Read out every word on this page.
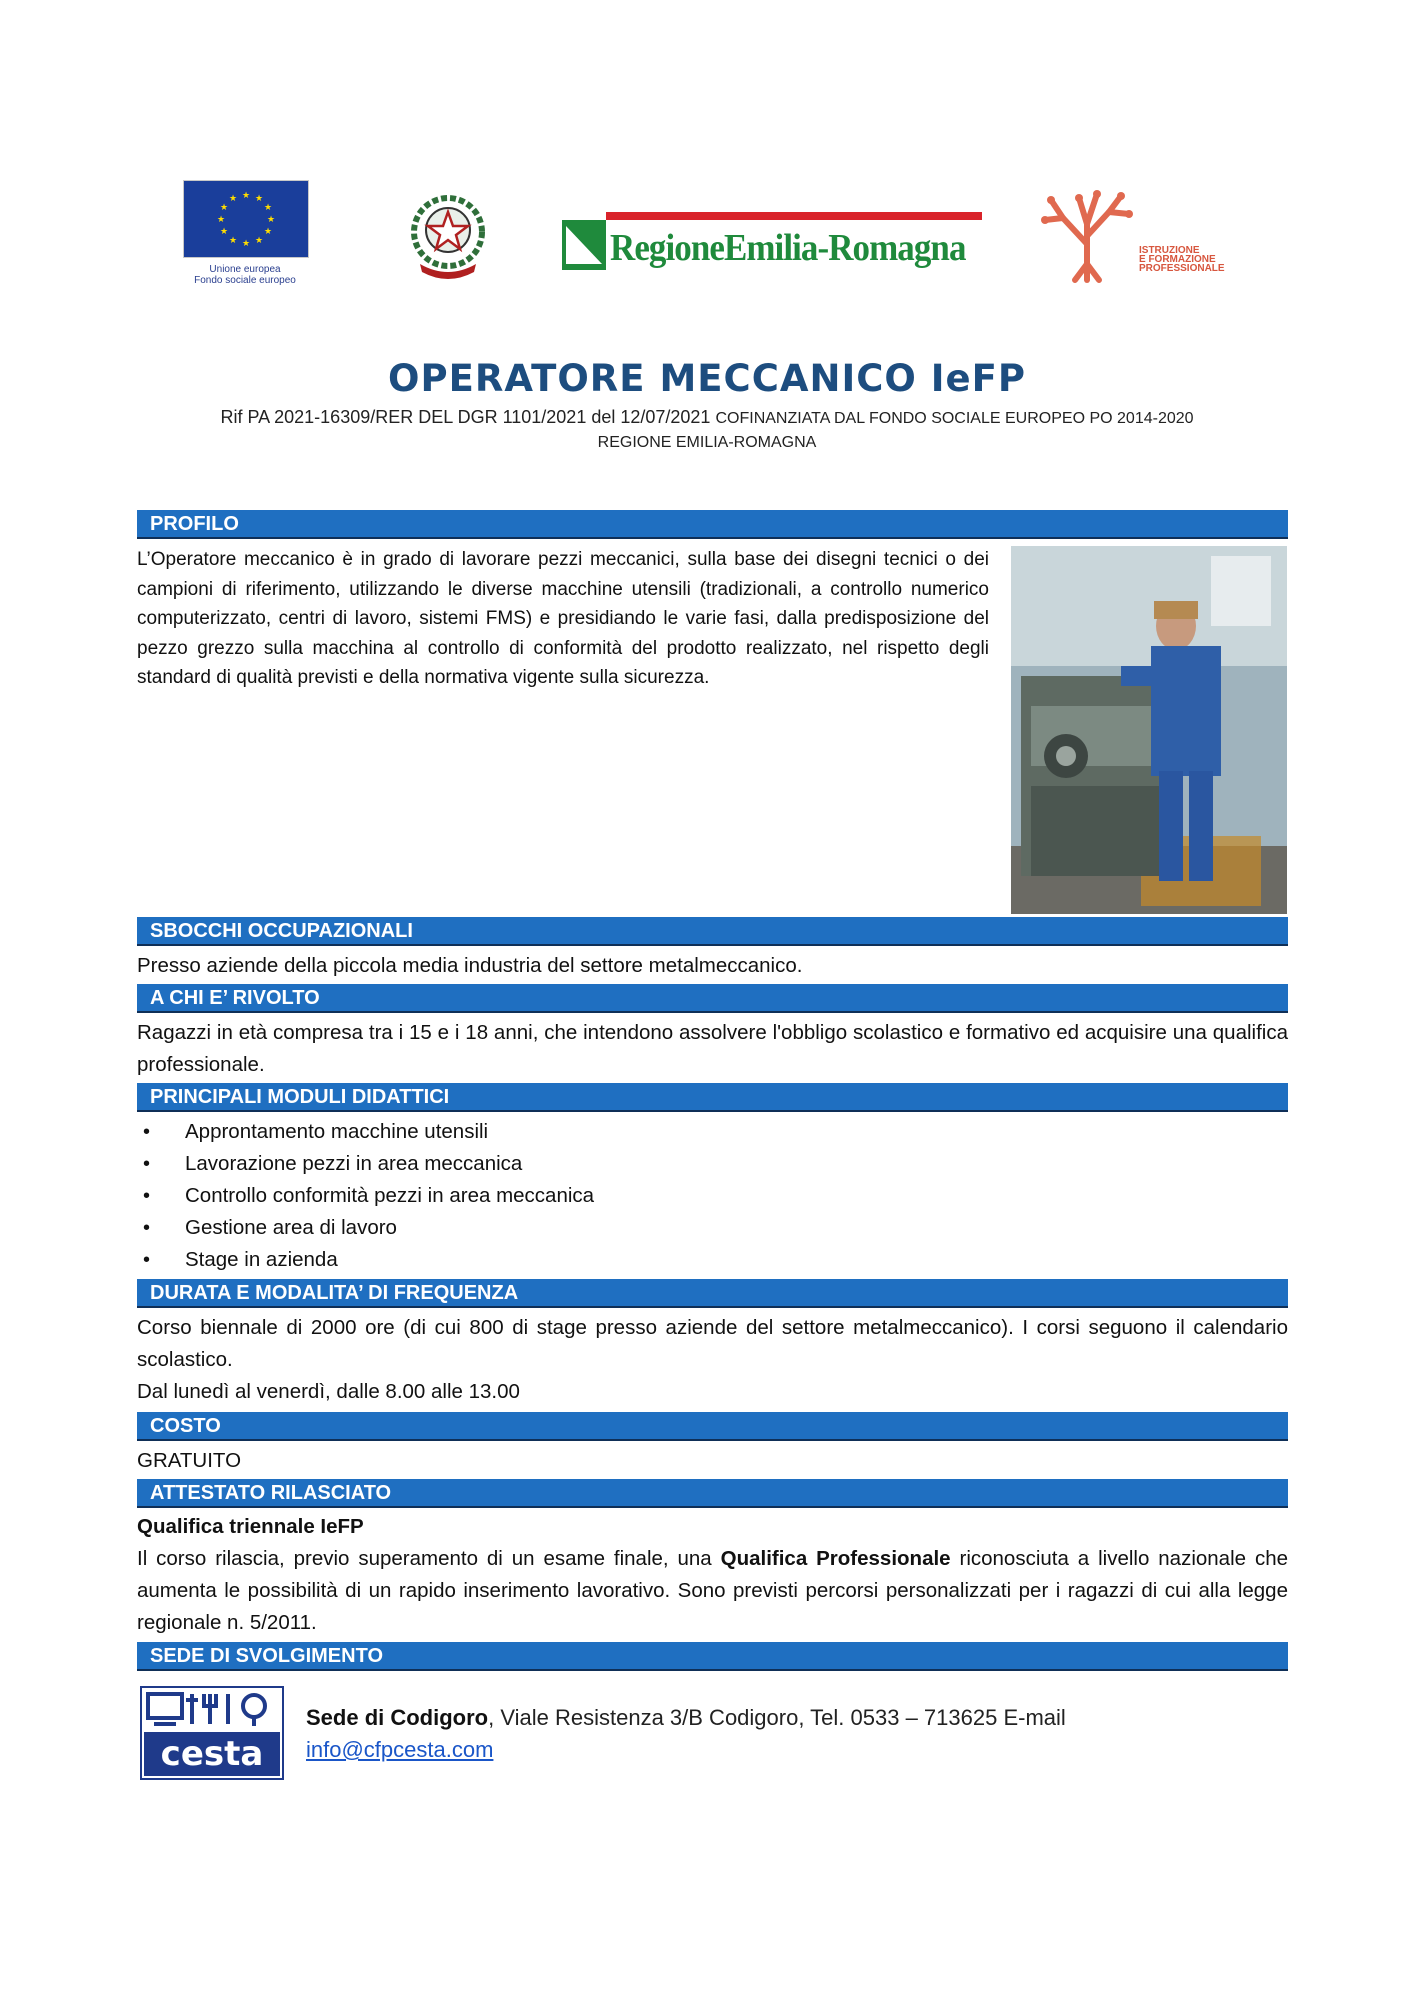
★ ★
★
★
★
★
★
★
★
★
★
★
Unione europea
Fondo sociale europeo
RegioneEmilia-Romagna	ISTRUZIONE
E FORMAZIONE
PROFESSIONALE
OPERATORE MECCANICO IeFP
Rif PA 2021-16309/RER DEL DGR 1101/2021 del 12/07/2021 COFINANZIATA DAL FONDO SOCIALE EUROPEO PO 2014-2020
REGIONE EMILIA-ROMAGNA
PROFILO
L’Operatore meccanico è in grado di lavorare pezzi meccanici, sulla base dei disegni tecnici o dei campioni di riferimento, utilizzando le diverse macchine utensili (tradizionali, a controllo numerico computerizzato, centri di lavoro, sistemi FMS) e presidiando le varie fasi, dalla predisposizione del pezzo grezzo sulla macchina al controllo di conformità del prodotto realizzato, nel rispetto degli standard di qualità previsti e della normativa vigente sulla sicurezza.
SBOCCHI OCCUPAZIONALI
Presso aziende della piccola media industria del settore metalmeccanico.
A CHI E’ RIVOLTO
Ragazzi in età compresa tra i 15 e i 18 anni, che intendono assolvere l'obbligo scolastico e formativo ed acquisire una qualifica professionale.
PRINCIPALI MODULI DIDATTICI
• Approntamento macchine utensili
• Lavorazione pezzi in area meccanica
• Controllo conformità pezzi in area meccanica
• Gestione area di lavoro
• Stage in azienda
DURATA E MODALITA’ DI FREQUENZA
Corso biennale di 2000 ore (di cui 800 di stage presso aziende del settore metalmeccanico). I corsi seguono il calendario scolastico.
Dal lunedì al venerdì, dalle 8.00 alle 13.00
COSTO
GRATUITO
ATTESTATO RILASCIATO
Qualifica triennale IeFP
Il corso rilascia, previo superamento di un esame finale, una Qualifica Professionale riconosciuta a livello nazionale che aumenta le possibilità di un rapido inserimento lavorativo. Sono previsti percorsi personalizzati per i ragazzi di cui alla legge regionale n. 5/2011.
SEDE DI SVOLGIMENTO
cesta
Sede di Codigoro, Viale Resistenza 3/B Codigoro, Tel. 0533 – 713625 E-mail
info@cfpcesta.com
